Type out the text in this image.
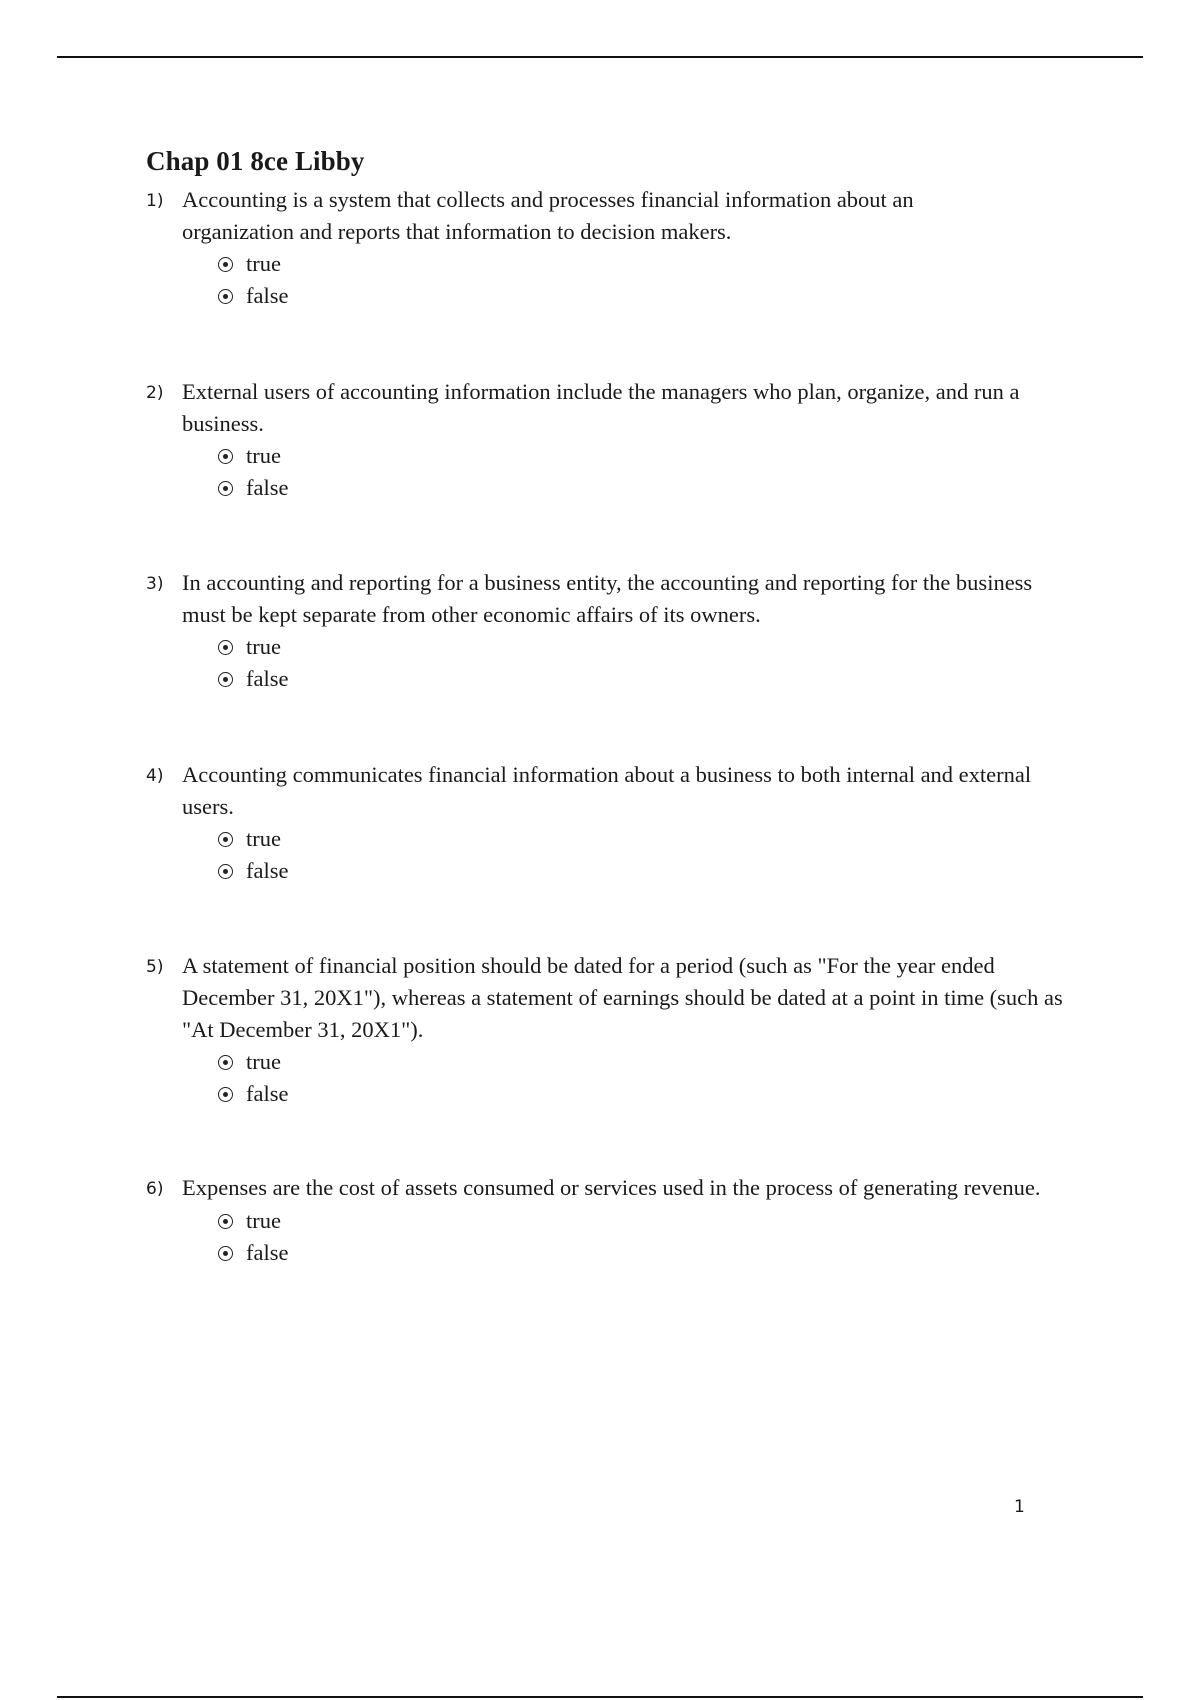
Chap 01 8ce Libby
1) Accounting is a system that collects and processes financial information about an organization and reports that information to decision makers.
true
false
2) External users of accounting information include the managers who plan, organize, and run a business.
true
false
3) In accounting and reporting for a business entity, the accounting and reporting for the business must be kept separate from other economic affairs of its owners.
true
false
4) Accounting communicates financial information about a business to both internal and external users.
true
false
5) A statement of financial position should be dated for a period (such as "For the year ended December 31, 20X1"), whereas a statement of earnings should be dated at a point in time (such as "At December 31, 20X1").
true
false
6) Expenses are the cost of assets consumed or services used in the process of generating revenue.
true
false
1
